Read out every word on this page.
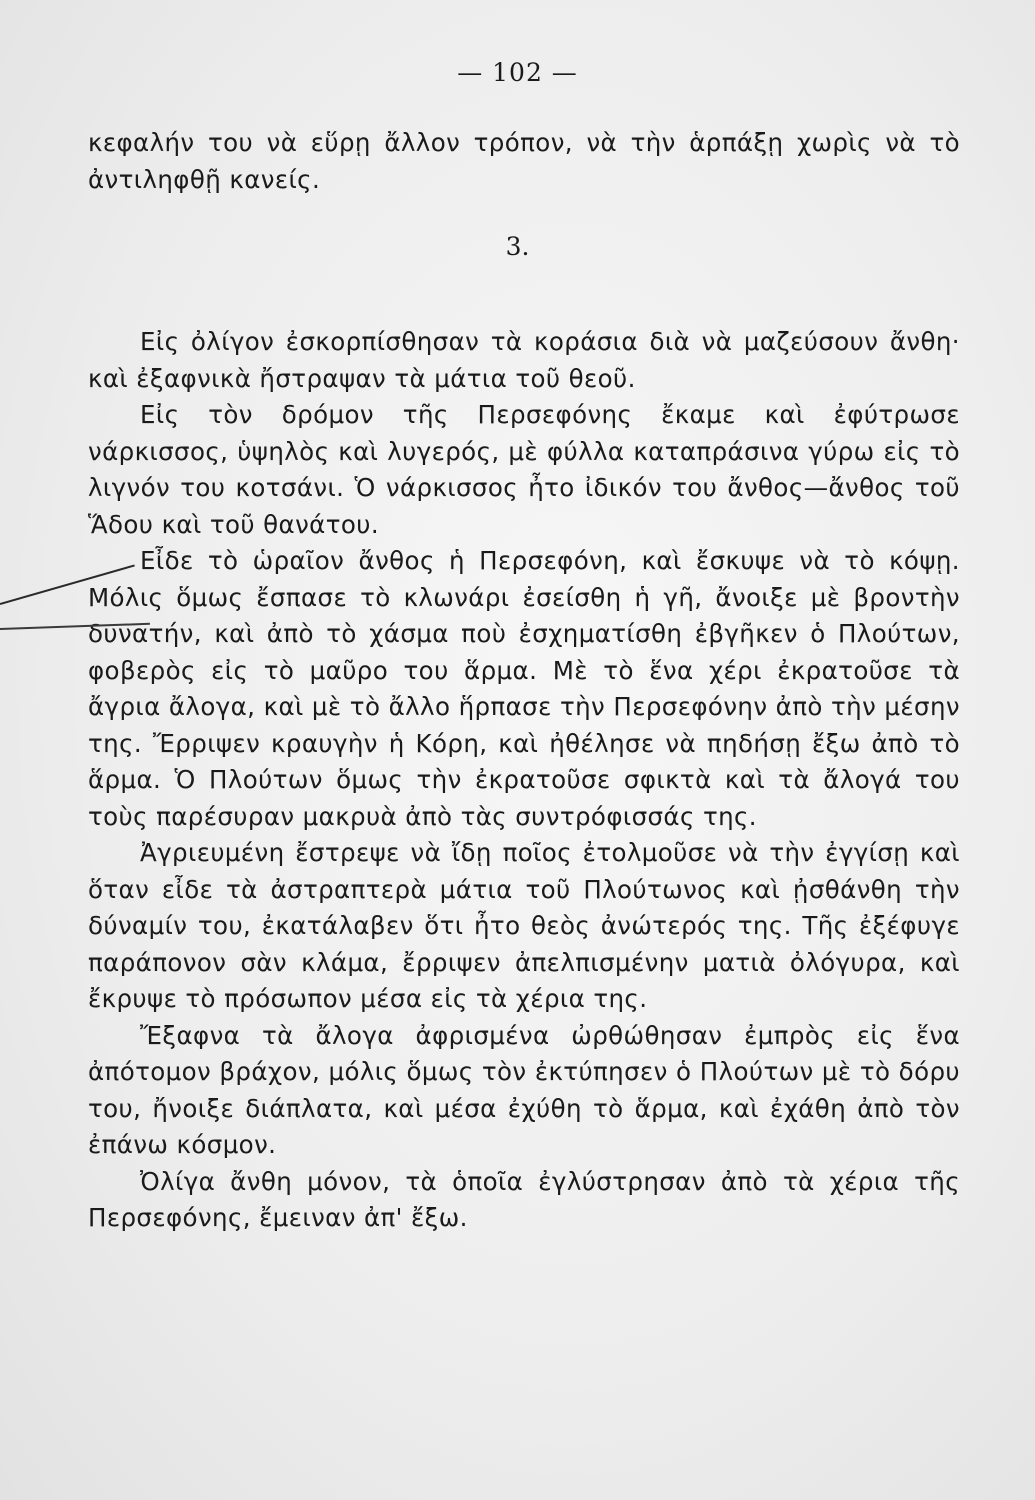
— 102 —

κεφαλήν του νὰ εὕρῃ ἄλλον τρόπον, νὰ τὴν ἁρπάξῃ χωρὶς νὰ τὸ ἀντιληφθῇ κανείς.

3.

Εἰς ὀλίγον ἐσκορπίσθησαν τὰ κοράσια διὰ νὰ μαζεύσουν ἄνθη· καὶ ἐξαφνικὰ ἤστραψαν τὰ μάτια τοῦ θεοῦ.

Εἰς τὸν δρόμον τῆς Περσεφόνης ἔκαμε καὶ ἐφύτρωσε νάρκισσος, ὑψηλὸς καὶ λυγερός, μὲ φύλλα καταπράσινα γύρω εἰς τὸ λιγνόν του κοτσάνι. Ὁ νάρκισσος ἦτο ἰδικόν του ἄνθος—ἄνθος τοῦ Ἅδου καὶ τοῦ θανάτου.

Εἶδε τὸ ὡραῖον ἄνθος ἡ Περσεφόνη, καὶ ἔσκυψε νὰ τὸ κόψῃ. Μόλις ὅμως ἔσπασε τὸ κλωνάρι ἐσείσθη ἡ γῆ, ἄνοιξε μὲ βροντὴν δυνατήν, καὶ ἀπὸ τὸ χάσμα ποὺ ἐσχηματίσθη ἐβγῆκεν ὁ Πλούτων, φοβερὸς εἰς τὸ μαῦρο του ἅρμα. Μὲ τὸ ἕνα χέρι ἐκρατοῦσε τὰ ἄγρια ἄλογα, καὶ μὲ τὸ ἄλλο ἥρπασε τὴν Περσεφόνην ἀπὸ τὴν μέσην της. Ἔρριψεν κραυγὴν ἡ Κόρη, καὶ ἠθέλησε νὰ πηδήσῃ ἔξω ἀπὸ τὸ ἅρμα. Ὁ Πλούτων ὅμως τὴν ἐκρατοῦσε σφικτὰ καὶ τὰ ἄλογά του τοὺς παρέσυραν μακρυὰ ἀπὸ τὰς συντρόφισσάς της.

Ἀγριευμένη ἔστρεψε νὰ ἴδῃ ποῖος ἐτολμοῦσε νὰ τὴν ἐγγίσῃ καὶ ὅταν εἶδε τὰ ἀστραπτερὰ μάτια τοῦ Πλούτωνος καὶ ᾐσθάνθη τὴν δύναμίν του, ἐκατάλαβεν ὅτι ἦτο θεὸς ἀνώτερός της. Τῆς ἐξέφυγε παράπονον σὰν κλάμα, ἔρριψεν ἀπελπισμένην ματιὰ ὀλόγυρα, καὶ ἔκρυψε τὸ πρόσωπον μέσα εἰς τὰ χέρια της.

Ἔξαφνα τὰ ἄλογα ἀφρισμένα ὠρθώθησαν ἐμπρὸς εἰς ἕνα ἀπότομον βράχον, μόλις ὅμως τὸν ἐκτύπησεν ὁ Πλούτων μὲ τὸ δόρυ του, ἤνοιξε διάπλατα, καὶ μέσα ἐχύθη τὸ ἅρμα, καὶ ἐχάθη ἀπὸ τὸν ἐπάνω κόσμον.

Ὀλίγα ἄνθη μόνον, τὰ ὁποῖα ἐγλύστρησαν ἀπὸ τὰ χέρια τῆς Περσεφόνης, ἔμειναν ἀπ' ἔξω.
